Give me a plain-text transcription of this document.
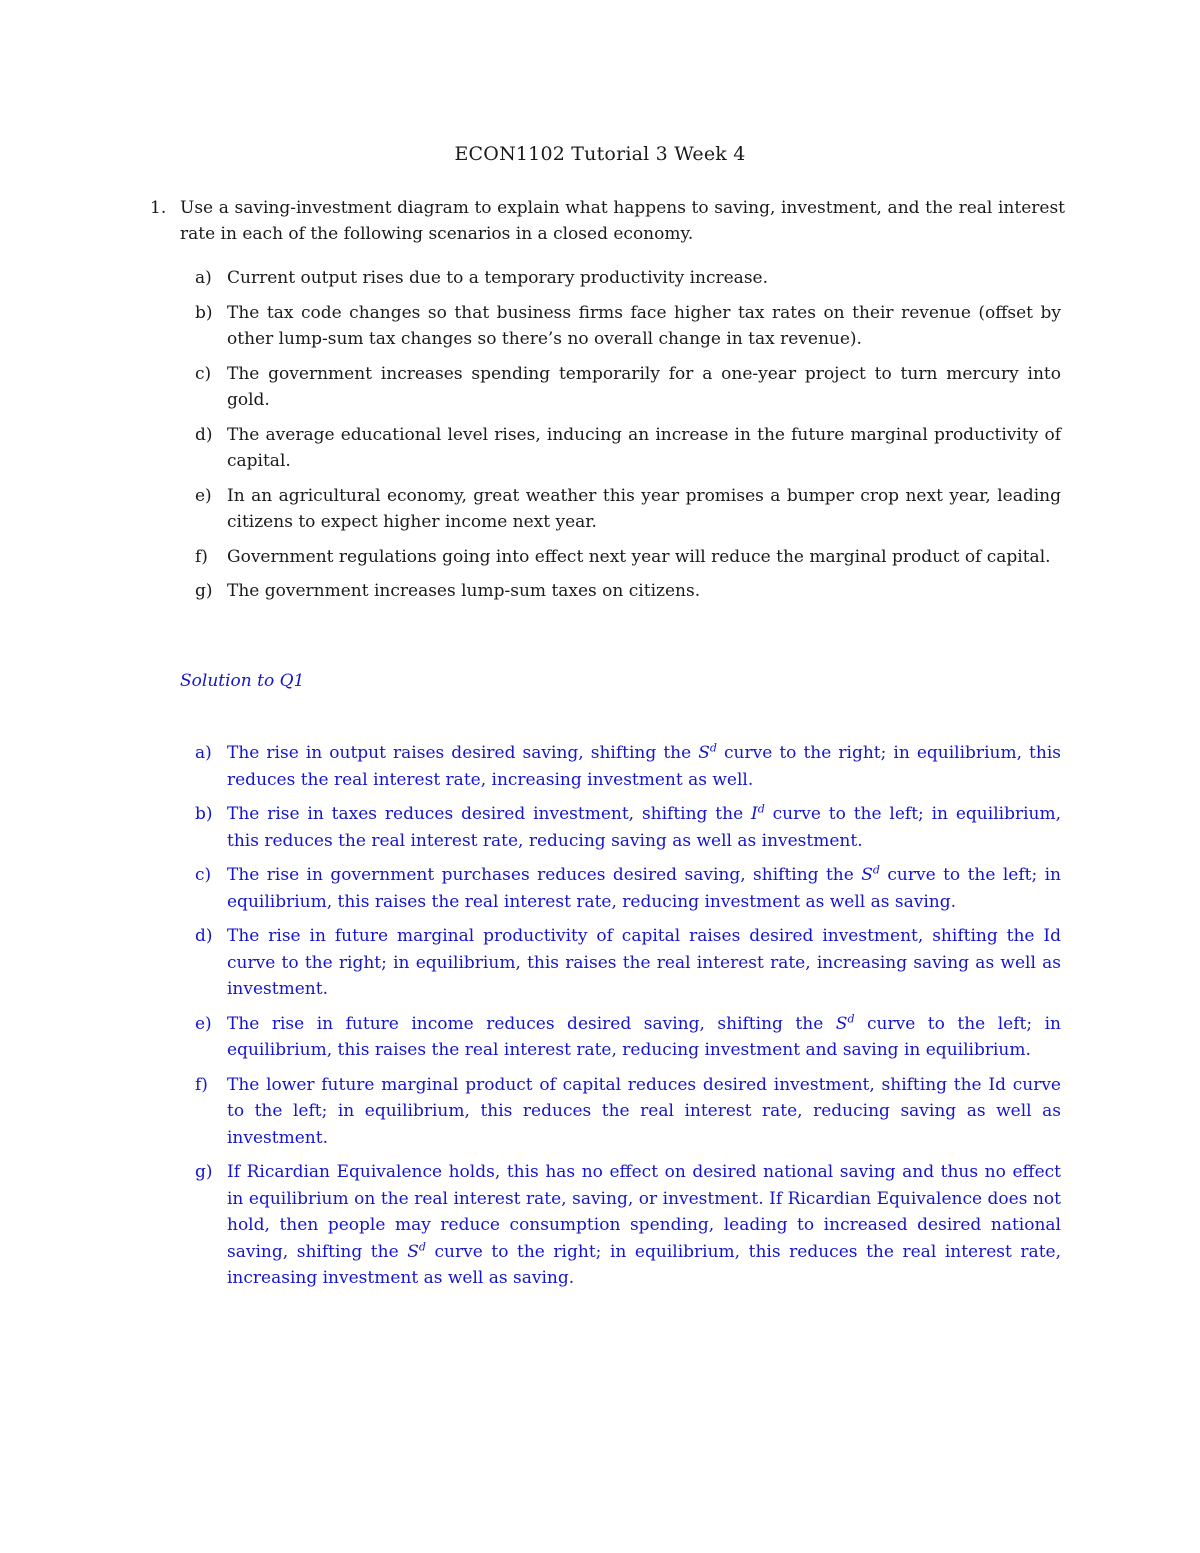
ECON1102 Tutorial 3 Week 4
1. Use a saving-investment diagram to explain what happens to saving, investment, and the real interest rate in each of the following scenarios in a closed economy.
a) Current output rises due to a temporary productivity increase.
b) The tax code changes so that business firms face higher tax rates on their revenue (offset by other lump-sum tax changes so there’s no overall change in tax revenue).
c) The government increases spending temporarily for a one-year project to turn mercury into gold.
d) The average educational level rises, inducing an increase in the future marginal productivity of capital.
e) In an agricultural economy, great weather this year promises a bumper crop next year, leading citizens to expect higher income next year.
f) Government regulations going into effect next year will reduce the marginal product of capital.
g) The government increases lump-sum taxes on citizens.
Solution to Q1
a) The rise in output raises desired saving, shifting the $S^d$ curve to the right; in equilibrium, this reduces the real interest rate, increasing investment as well.
b) The rise in taxes reduces desired investment, shifting the $I^d$ curve to the left; in equilibrium, this reduces the real interest rate, reducing saving as well as investment.
c) The rise in government purchases reduces desired saving, shifting the $S^d$ curve to the left; in equilibrium, this raises the real interest rate, reducing investment as well as saving.
d) The rise in future marginal productivity of capital raises desired investment, shifting the Id curve to the right; in equilibrium, this raises the real interest rate, increasing saving as well as investment.
e) The rise in future income reduces desired saving, shifting the $S^d$ curve to the left; in equilibrium, this raises the real interest rate, reducing investment and saving in equilibrium.
f) The lower future marginal product of capital reduces desired investment, shifting the Id curve to the left; in equilibrium, this reduces the real interest rate, reducing saving as well as investment.
g) If Ricardian Equivalence holds, this has no effect on desired national saving and thus no effect in equilibrium on the real interest rate, saving, or investment. If Ricardian Equivalence does not hold, then people may reduce consumption spending, leading to increased desired national saving, shifting the $S^d$ curve to the right; in equilibrium, this reduces the real interest rate, increasing investment as well as saving.
